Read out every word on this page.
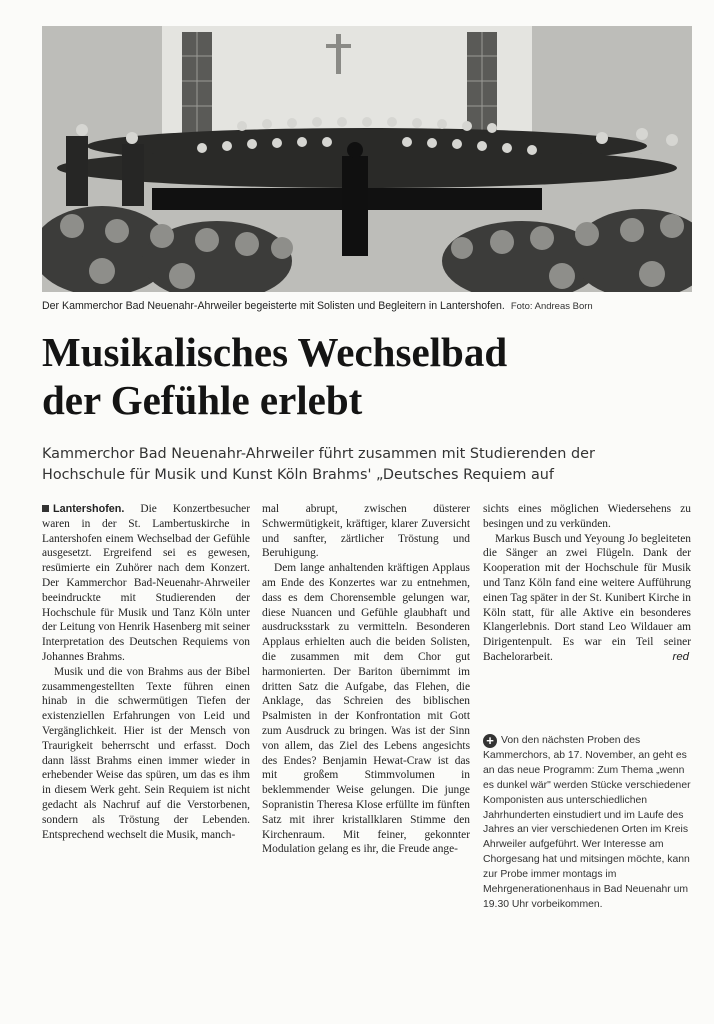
Der Kammerchor Bad Neuenahr-Ahrweiler begeisterte mit Solisten und Begleitern in Lantershofen. Foto: Andreas Born
Musikalisches Wechselbad
der Gefühle erlebt
Kammerchor Bad Neuenahr-Ahrweiler führt zusammen mit Studierenden der
Hochschule für Musik und Kunst Köln Brahms' „Deutsches Requiem auf

Lantershofen. Die Konzertbesucher waren in der St. Lambertuskirche in Lantershofen einem Wechselbad der Gefühle ausgesetzt. Ergreifend sei es gewesen, resümierte ein Zuhörer nach dem Konzert. Der Kammerchor Bad-Neuenahr-Ahrweiler beeindruckte mit Studierenden der Hochschule für Musik und Tanz Köln unter der Leitung von Henrik Hasenberg mit seiner Interpretation des Deutschen Requiems von Johannes Brahms.

Musik und die von Brahms aus der Bibel zusammengestellten Texte führen einen hinab in die schwermütigen Tiefen der existenziellen Erfahrungen von Leid und Vergänglichkeit. Hier ist der Mensch von Traurigkeit beherrscht und erfasst. Doch dann lässt Brahms einen immer wieder in erhebender Weise das spüren, um das es ihm in diesem Werk geht. Sein Requiem ist nicht gedacht als Nachruf auf die Verstorbenen, sondern als Tröstung der Lebenden. Entsprechend wechselt die Musik, manch-

mal abrupt, zwischen düsterer Schwermütigkeit, kräftiger, klarer Zuversicht und sanfter, zärtlicher Tröstung und Beruhigung.

Dem lange anhaltenden kräftigen Applaus am Ende des Konzertes war zu entnehmen, dass es dem Chorensemble gelungen war, diese Nuancen und Gefühle glaubhaft und ausdrucksstark zu vermitteln. Besonderen Applaus erhielten auch die beiden Solisten, die zusammen mit dem Chor gut harmonierten. Der Bariton übernimmt im dritten Satz die Aufgabe, das Flehen, die Anklage, das Schreien des biblischen Psalmisten in der Konfrontation mit Gott zum Ausdruck zu bringen. Was ist der Sinn von allem, das Ziel des Lebens angesichts des Endes? Benjamin Hewat-Craw ist das mit großem Stimmvolumen in beklemmender Weise gelungen. Die junge Sopranistin Theresa Klose erfüllte im fünften Satz mit ihrer kristallklaren Stimme den Kirchenraum. Mit feiner, gekonnter Modulation gelang es ihr, die Freude ange-

sichts eines möglichen Wiedersehens zu besingen und zu verkünden.

Markus Busch und Yeyoung Jo begleiteten die Sänger an zwei Flügeln. Dank der Kooperation mit der Hochschule für Musik und Tanz Köln fand eine weitere Aufführung einen Tag später in der St. Kunibert Kirche in Köln statt, für alle Aktive ein besonderes Klangerlebnis. Dort stand Leo Wildauer am Dirigentenpult. Es war ein Teil seiner Bachelorarbeit.	red

+ Von den nächsten Proben des Kammerchors, ab 17. November, an geht es an das neue Programm: Zum Thema „wenn es dunkel wär" werden Stücke verschiedener Komponisten aus unterschiedlichen Jahrhunderten einstudiert und im Laufe des Jahres an vier verschiedenen Orten im Kreis Ahrweiler aufgeführt. Wer Interesse am Chorgesang hat und mitsingen möchte, kann zur Probe immer montags im Mehrgenerationenhaus in Bad Neuenahr um 19.30 Uhr vorbeikommen.
